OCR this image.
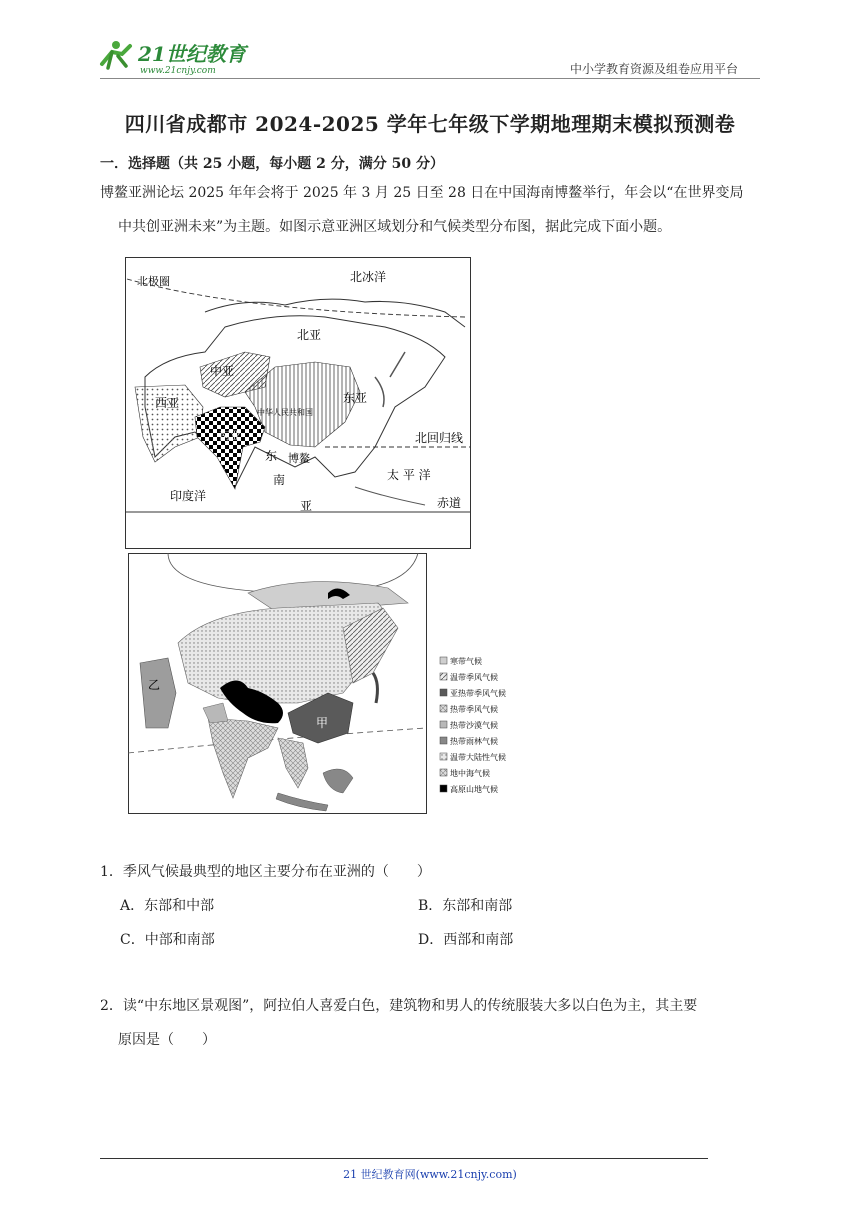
21世纪教育
www.21cnjy.com	中小学教育资源及组卷应用平台
四川省成都市 2024-2025 学年七年级下学期地理期末模拟预测卷
一．选择题（共 25 小题，每小题 2 分，满分 50 分）
博鳌亚洲论坛 2025 年年会将于 2025 年 3 月 25 日至 28 日在中国海南博鳌举行，年会以“在世界变局
中共创亚洲未来”为主题。如图示意亚洲区域划分和气候类型分布图，据此完成下面小题。
北极圈	北冰洋
北亚
中亚
西亚
中华人民共和国
东亚
南亚	北回归线
东 博鳌
南
亚
太 平 洋
印度洋	赤道
乙
甲
寒带气候
温带季风气候
亚热带季风气候
热带季风气候
热带沙漠气候
热带雨林气候
温带大陆性气候
地中海气候
高原山地气候
1．季风气候最典型的地区主要分布在亚洲的（　　）
A．东部和中部	B．东部和南部
C．中部和南部	D．西部和南部
2．读“中东地区景观图”，阿拉伯人喜爱白色，建筑物和男人的传统服装大多以白色为主，其主要
原因是（　　）
21 世纪教育网(www.21cnjy.com)
